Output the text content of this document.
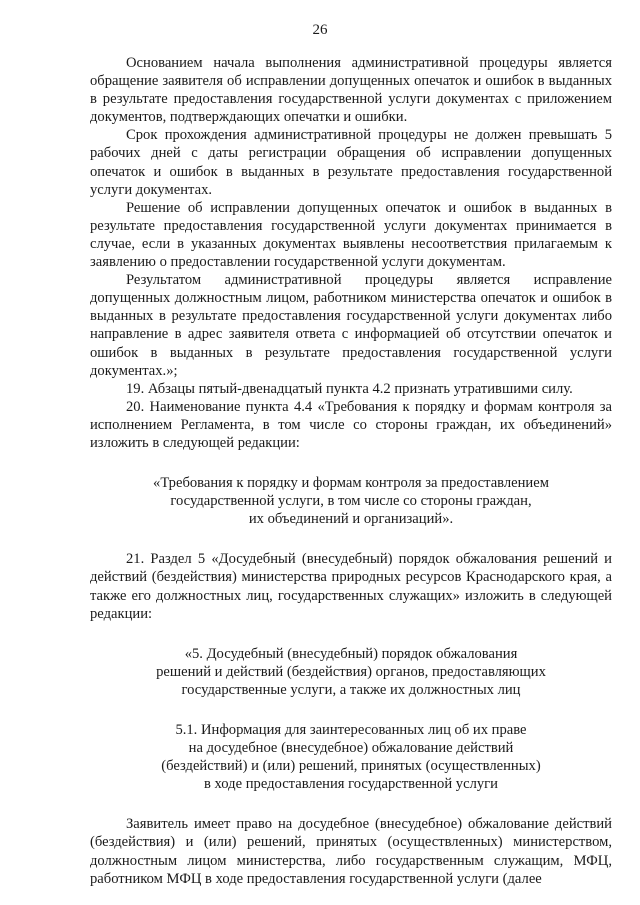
26

Основанием начала выполнения административной процедуры является обращение заявителя об исправлении допущенных опечаток и ошибок в выданных в результате предоставления государственной услуги документах с приложением документов, подтверждающих опечатки и ошибки.

Срок прохождения административной процедуры не должен превышать 5 рабочих дней с даты регистрации обращения об исправлении допущенных опечаток и ошибок в выданных в результате предоставления государственной услуги документах.

Решение об исправлении допущенных опечаток и ошибок в выданных в результате предоставления государственной услуги документах принимается в случае, если в указанных документах выявлены несоответствия прилагаемым к заявлению о предоставлении государственной услуги документам.

Результатом административной процедуры является исправление допущенных должностным лицом, работником министерства опечаток и ошибок в выданных в результате предоставления государственной услуги документах либо направление в адрес заявителя ответа с информацией об отсутствии опечаток и ошибок в выданных в результате предоставления государственной услуги документах.»;

19. Абзацы пятый-двенадцатый пункта 4.2 признать утратившими силу.

20. Наименование пункта 4.4 «Требования к порядку и формам контроля за исполнением Регламента, в том числе со стороны граждан, их объединений» изложить в следующей редакции:

«Требования к порядку и формам контроля за предоставлением

государственной услуги, в том числе со стороны граждан,

их объединений и организаций».

21. Раздел 5 «Досудебный (внесудебный) порядок обжалования решений и действий (бездействия) министерства природных ресурсов Краснодарского края, а также его должностных лиц, государственных служащих» изложить в следующей редакции:

«5. Досудебный (внесудебный) порядок обжалования

решений и действий (бездействия) органов, предоставляющих

государственные услуги, а также их должностных лиц

5.1. Информация для заинтересованных лиц об их праве

на досудебное (внесудебное) обжалование действий

(бездействий) и (или) решений, принятых (осуществленных)

в ходе предоставления государственной услуги

Заявитель имеет право на досудебное (внесудебное) обжалование действий (бездействия) и (или) решений, принятых (осуществленных) министерством, должностным лицом министерства, либо государственным служащим, МФЦ, работником МФЦ в ходе предоставления государственной услуги (далее
